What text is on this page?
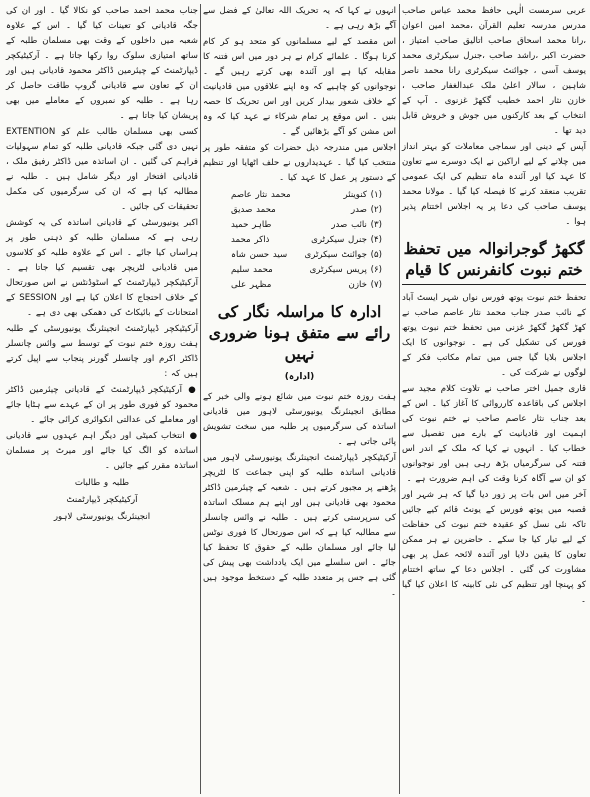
عربی سرمست الٰہی حافظ محمد عباس صاحب مدرس مدرسہ تعلیم القرآن ،محمد امین اعوان ،رانا محمد اسحاق صاحب اتالیق صاحب امتیاز ، حضرت اکبر ،راشد صاحب ،جنرل سیکرٹری محمد یوسف آسی ، جوائنٹ سیکرٹری رانا محمد ناصر شاہین ، سالار اعلیٰ ملک عبدالغفار صاحب ، خازن نثار احمد خطیب گکھڑ غزنوی ۔ آپ کے انتخاب کے بعد کارکنوں میں جوش و خروش قابل دید تھا ۔

آپس کے دینی اور سماجی معاملات کو بہتر انداز میں چلانے کے لیے اراکین نے ایک دوسرے سے تعاون کا عہد کیا اور آئندہ ماہ تنظیم کی ایک عمومی تقریب منعقد کرنے کا فیصلہ کیا گیا ۔ مولانا محمد یوسف صاحب کی دعا پر یہ اجلاس اختتام پذیر ہوا ۔

گکھڑ گوجرانوالہ میں تحفظ ختم نبوت کانفرنس کا قیام

تحفظ ختم نبوت یوتھ فورس نواں شہر ایسٹ آباد کے نائب صدر جناب محمد نثار عاصم صاحب نے کھڑ گکھڑ گکھڑ غزنی میں تحفظ ختم نبوت یوتھ فورس کی تشکیل کی ہے ۔ نوجوانوں کا ایک اجلاس بلایا گیا جس میں تمام مکاتب فکر کے لوگوں نے شرکت کی ۔

قاری جمیل اختر صاحب نے تلاوت کلام مجید سے اجلاس کی باقاعدہ کارروائی کا آغاز کیا ۔ اس کے بعد جناب نثار عاصم صاحب نے ختم نبوت کی اہمیت اور قادیانیت کے بارے میں تفصیل سے خطاب کیا ۔ انہوں نے کہا کہ ملک کے اندر اس فتنہ کی سرگرمیاں بڑھ رہی ہیں اور نوجوانوں کو ان سے آگاہ کرنا وقت کی اہم ضرورت ہے ۔

آخر میں اس بات پر زور دیا گیا کہ ہر شہر اور قصبہ میں یوتھ فورس کے یونٹ قائم کیے جائیں تاکہ نئی نسل کو عقیدہ ختم نبوت کی حفاظت کے لیے تیار کیا جا سکے ۔ حاضرین نے ہر ممکن تعاون کا یقین دلایا اور آئندہ لائحہ عمل پر بھی مشاورت کی گئی ۔ اجلاس دعا کے ساتھ اختتام کو پہنچا اور تنظیم کی نئی کابینہ کا اعلان کیا گیا ۔

انہوں نے کہا کہ یہ تحریک اللہ تعالیٰ کے فضل سے آگے بڑھ رہی ہے ۔

اس مقصد کے لیے مسلمانوں کو متحد ہو کر کام کرنا ہوگا ۔ علمائے کرام نے ہر دور میں اس فتنہ کا مقابلہ کیا ہے اور آئندہ بھی کرتے رہیں گے ۔ نوجوانوں کو چاہیے کہ وہ اپنے علاقوں میں قادیانیت کے خلاف شعور بیدار کریں اور اس تحریک کا حصہ بنیں ۔ اس موقع پر تمام شرکاء نے عہد کیا کہ وہ اس مشن کو آگے بڑھائیں گے ۔

اجلاس میں مندرجہ ذیل حضرات کو متفقہ طور پر منتخب کیا گیا ۔ عہدیداروں نے حلف اٹھایا اور تنظیم کے دستور پر عمل کا عہد کیا ۔

(۱) کنوینئر
محمد نثار عاصم
(۲) صدر
محمد صدیق
(۳) نائب صدر
طاہر حمید
(۴) جنرل سیکرٹری
ذاکر محمد
(۵) جوائنٹ سیکرٹری
سید حسن شاہ
(۶) پریس سیکرٹری
محمد سلیم
(۷) خازن
مظہر علی
ادارہ کا مراسلہ نگار کی رائے سے متفق ہونا ضروری نہیں
(ادارہ)

ہفت روزہ ختم نبوت میں شائع ہونے والی خبر کے مطابق انجینئرنگ یونیورسٹی لاہور میں قادیانی اساتذہ کی سرگرمیوں پر طلبہ میں سخت تشویش پائی جاتی ہے ۔

آرکیٹیکچر ڈیپارٹمنٹ انجینئرنگ یونیورسٹی لاہور میں قادیانی اساتذہ طلبہ کو اپنی جماعت کا لٹریچر پڑھنے پر مجبور کرتے ہیں ۔ شعبہ کے چیئرمین ڈاکٹر محمود بھی قادیانی ہیں اور اپنے ہم مسلک اساتذہ کی سرپرستی کرتے ہیں ۔ طلبہ نے وائس چانسلر سے مطالبہ کیا ہے کہ اس صورتحال کا فوری نوٹس لیا جائے اور مسلمان طلبہ کے حقوق کا تحفظ کیا جائے ۔ اس سلسلے میں ایک یادداشت بھی پیش کی گئی ہے جس پر متعدد طلبہ کے دستخط موجود ہیں ۔

جناب محمد احمد صاحب کو نکالا گیا ۔ اور ان کی جگہ قادیانی کو تعینات کیا گیا ۔ اس کے علاوہ شعبہ میں داخلوں کے وقت بھی مسلمان طلبہ کے ساتھ امتیازی سلوک روا رکھا جاتا ہے ۔ آرکیٹیکچر ڈیپارٹمنٹ کے چیئرمین ڈاکٹر محمود قادیانی ہیں اور ان کے تعاون سے قادیانی گروپ طاقت حاصل کر رہا ہے ۔ طلبہ کو نمبروں کے معاملے میں بھی پریشان کیا جاتا ہے ۔

کسی بھی مسلمان طالب علم کو EXTENTION نہیں دی گئی جبکہ قادیانی طلبہ کو تمام سہولیات فراہم کی گئیں ۔ ان اساتذہ میں ڈاکٹر رفیق ملک ، قادیانی افتخار اور دیگر شامل ہیں ۔ طلبہ نے مطالبہ کیا ہے کہ ان کی سرگرمیوں کی مکمل تحقیقات کی جائیں ۔

اکبر یونیورسٹی کے قادیانی اساتذہ کی یہ کوشش رہی ہے کہ مسلمان طلبہ کو ذہنی طور پر ہراساں کیا جائے ۔ اس کے علاوہ طلبہ کو کلاسوں میں قادیانی لٹریچر بھی تقسیم کیا جاتا ہے ۔ آرکیٹیکچر ڈیپارٹمنٹ کے اسٹوڈنٹس نے اس صورتحال کے خلاف احتجاج کا اعلان کیا ہے اور SESSION کے امتحانات کے بائیکاٹ کی دھمکی بھی دی ہے ۔

آرکیٹیکچر ڈیپارٹمنٹ انجینئرنگ یونیورسٹی کے طلبہ ہفت روزہ ختم نبوت کے توسط سے وائس چانسلر ڈاکٹر اکرم اور چانسلر گورنر پنجاب سے اپیل کرتے ہیں کہ :

● آرکیٹیکچر ڈیپارٹمنٹ کے قادیانی چیئرمین ڈاکٹر محمود کو فوری طور پر ان کے عہدے سے ہٹایا جائے اور معاملے کی عدالتی انکوائری کرائی جائے ۔

● انتخاب کمیٹی اور دیگر اہم عہدوں سے قادیانی اساتذہ کو الگ کیا جائے اور میرٹ پر مسلمان اساتذہ مقرر کیے جائیں ۔

طلبہ و طالبات
آرکیٹیکچر ڈیپارٹمنٹ
انجینئرنگ یونیورسٹی لاہور
